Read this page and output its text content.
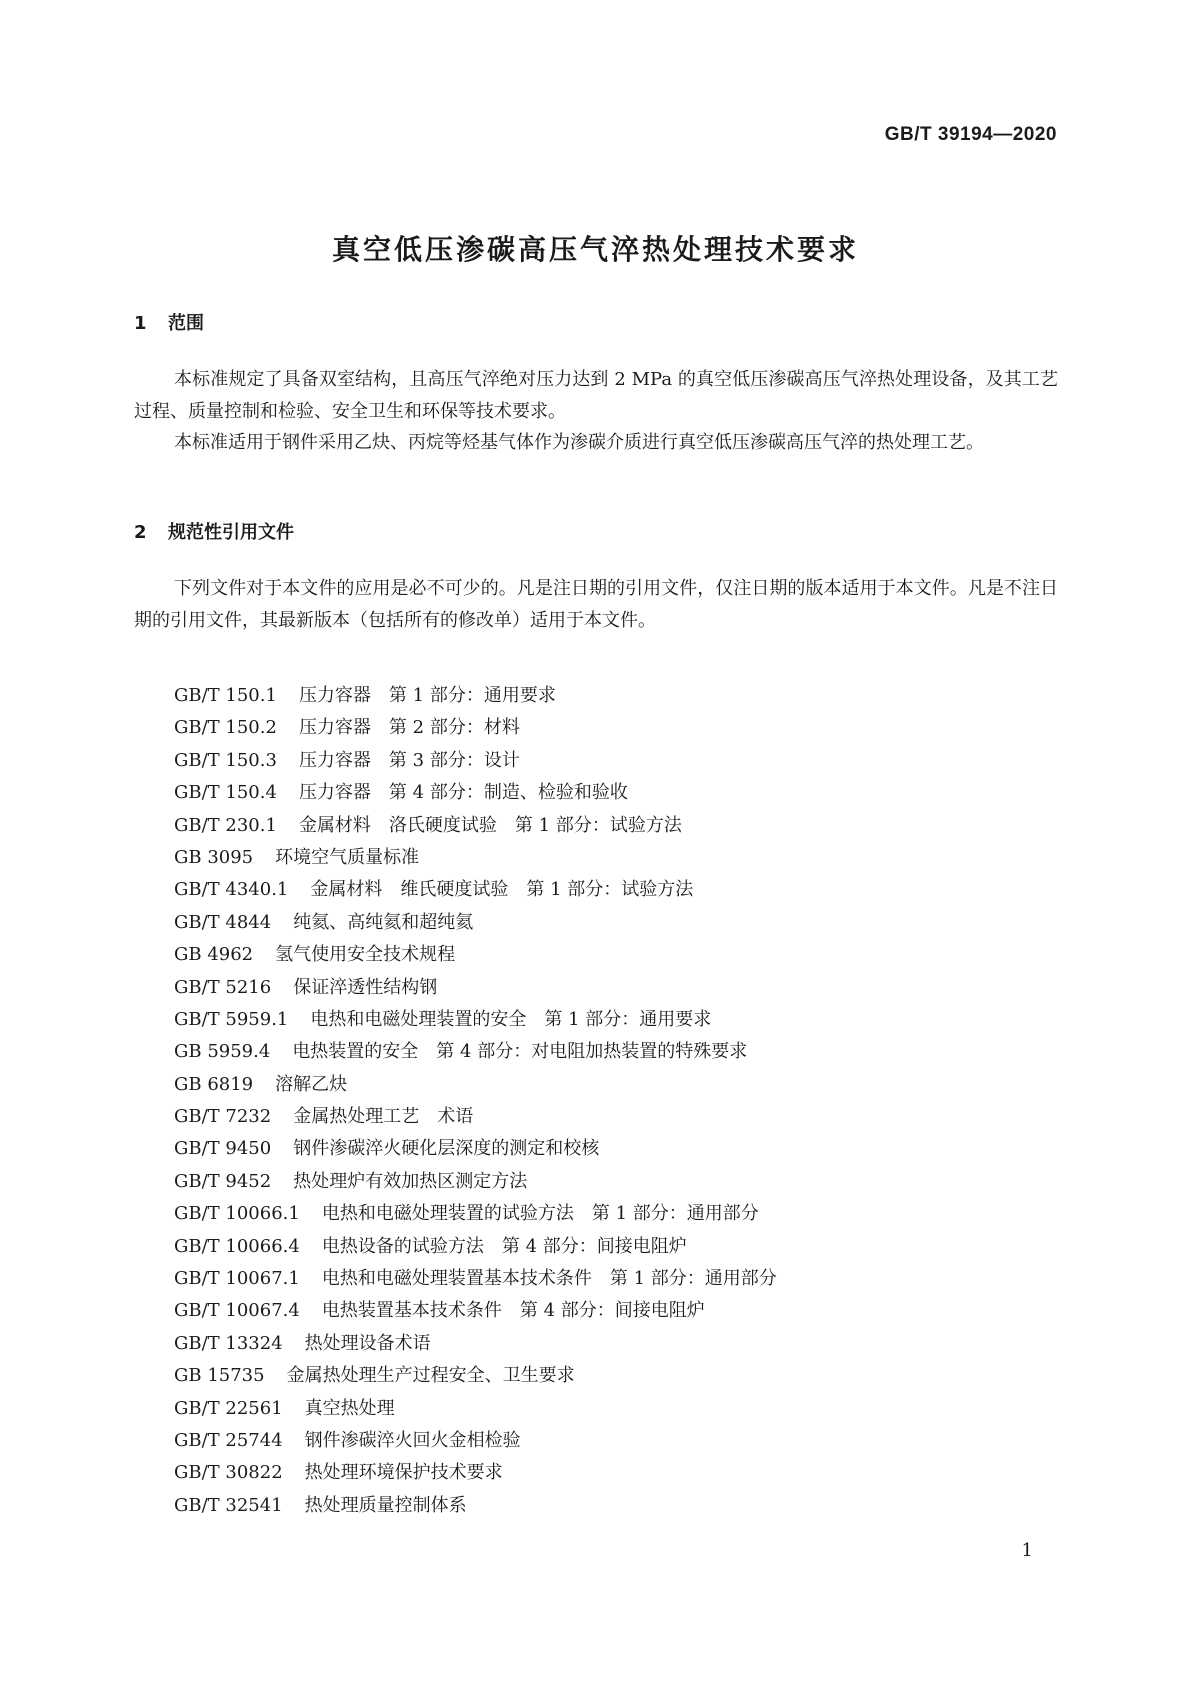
GB/T 39194—2020
真空低压渗碳高压气淬热处理技术要求
1 范围

本标准规定了具备双室结构，且高压气淬绝对压力达到 2 MPa 的真空低压渗碳高压气淬热处理设备，及其工艺过程、质量控制和检验、安全卫生和环保等技术要求。

本标准适用于钢件采用乙炔、丙烷等烃基气体作为渗碳介质进行真空低压渗碳高压气淬的热处理工艺。

2 规范性引用文件

下列文件对于本文件的应用是必不可少的。凡是注日期的引用文件，仅注日期的版本适用于本文件。凡是不注日期的引用文件，其最新版本（包括所有的修改单）适用于本文件。

GB/T 150.1 压力容器　第 1 部分：通用要求
GB/T 150.2 压力容器　第 2 部分：材料
GB/T 150.3 压力容器　第 3 部分：设计
GB/T 150.4 压力容器　第 4 部分：制造、检验和验收
GB/T 230.1 金属材料　洛氏硬度试验　第 1 部分：试验方法
GB 3095 环境空气质量标准
GB/T 4340.1 金属材料　维氏硬度试验　第 1 部分：试验方法
GB/T 4844 纯氦、高纯氦和超纯氦
GB 4962 氢气使用安全技术规程
GB/T 5216 保证淬透性结构钢
GB/T 5959.1 电热和电磁处理装置的安全　第 1 部分：通用要求
GB 5959.4 电热装置的安全　第 4 部分：对电阻加热装置的特殊要求
GB 6819 溶解乙炔
GB/T 7232 金属热处理工艺　术语
GB/T 9450 钢件渗碳淬火硬化层深度的测定和校核
GB/T 9452 热处理炉有效加热区测定方法
GB/T 10066.1 电热和电磁处理装置的试验方法　第 1 部分：通用部分
GB/T 10066.4 电热设备的试验方法　第 4 部分：间接电阻炉
GB/T 10067.1 电热和电磁处理装置基本技术条件　第 1 部分：通用部分
GB/T 10067.4 电热装置基本技术条件　第 4 部分：间接电阻炉
GB/T 13324 热处理设备术语
GB 15735 金属热处理生产过程安全、卫生要求
GB/T 22561 真空热处理
GB/T 25744 钢件渗碳淬火回火金相检验
GB/T 30822 热处理环境保护技术要求
GB/T 32541 热处理质量控制体系
1
